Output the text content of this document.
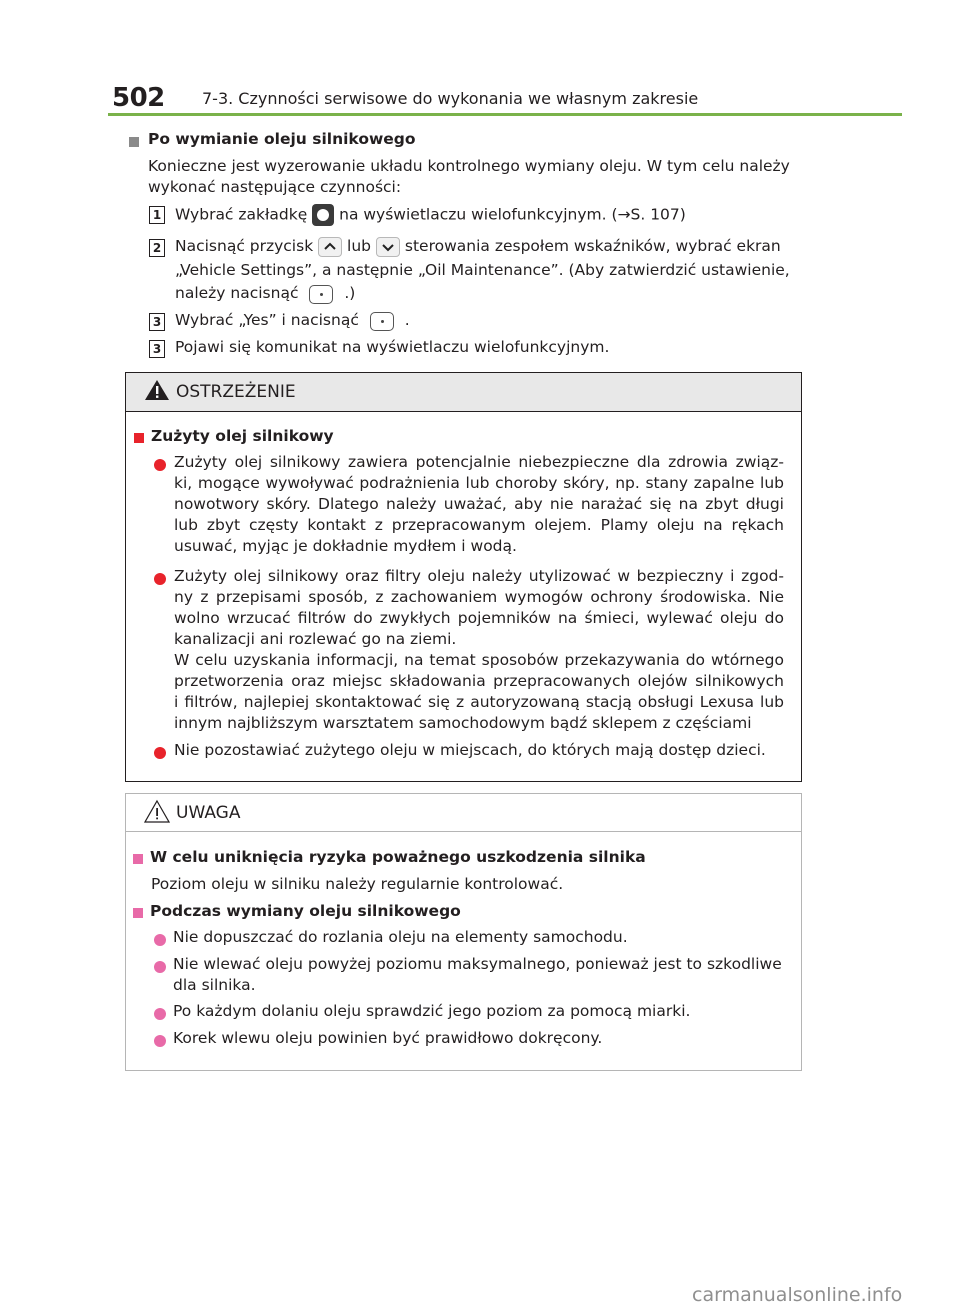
502 7-3. Czynności serwisowe do wykonania we własnym zakresie
Po wymianie oleju silnikowego
Konieczne jest wyzerowanie układu kontrolnego wymiany oleju. W tym celu należy
wykonać następujące czynności:
1 Wybrać zakładkę na wyświetlaczu wielofunkcyjnym. (→S. 107)
2 Nacisnąć przycisk lub sterowania zespołem wskaźników, wybrać ekran
„Vehicle Settings”, a następnie „Oil Maintenance”. (Aby zatwierdzić ustawienie,
należy nacisnąć	.)
3 Wybrać „Yes” i nacisnąć	.
3 Pojawi się komunikat na wyświetlaczu wielofunkcyjnym.
OSTRZEŻENIE
Zużyty olej silnikowy
Zużyty olej silnikowy zawiera potencjalnie niebezpieczne dla zdrowia związ-
ki, mogące wywoływać podrażnienia lub choroby skóry, np. stany zapalne lub
nowotwory skóry. Dlatego należy uważać, aby nie narażać się na zbyt długi
lub zbyt częsty kontakt z przepracowanym olejem. Plamy oleju na rękach
usuwać, myjąc je dokładnie mydłem i wodą.
Zużyty olej silnikowy oraz filtry oleju należy utylizować w bezpieczny i zgod-
ny z przepisami sposób, z zachowaniem wymogów ochrony środowiska. Nie
wolno wrzucać filtrów do zwykłych pojemników na śmieci, wylewać oleju do
kanalizacji ani rozlewać go na ziemi.
W celu uzyskania informacji, na temat sposobów przekazywania do wtórnego
przetworzenia oraz miejsc składowania przepracowanych olejów silnikowych
i filtrów, najlepiej skontaktować się z autoryzowaną stacją obsługi Lexusa lub
innym najbliższym warsztatem samochodowym bądź sklepem z częściami
Nie pozostawiać zużytego oleju w miejscach, do których mają dostęp dzieci.
UWAGA
W celu uniknięcia ryzyka poważnego uszkodzenia silnika
Poziom oleju w silniku należy regularnie kontrolować.
Podczas wymiany oleju silnikowego
Nie dopuszczać do rozlania oleju na elementy samochodu.
Nie wlewać oleju powyżej poziomu maksymalnego, ponieważ jest to szkodliwe
dla silnika.
Po każdym dolaniu oleju sprawdzić jego poziom za pomocą miarki.
Korek wlewu oleju powinien być prawidłowo dokręcony.
carmanualsonline.info
